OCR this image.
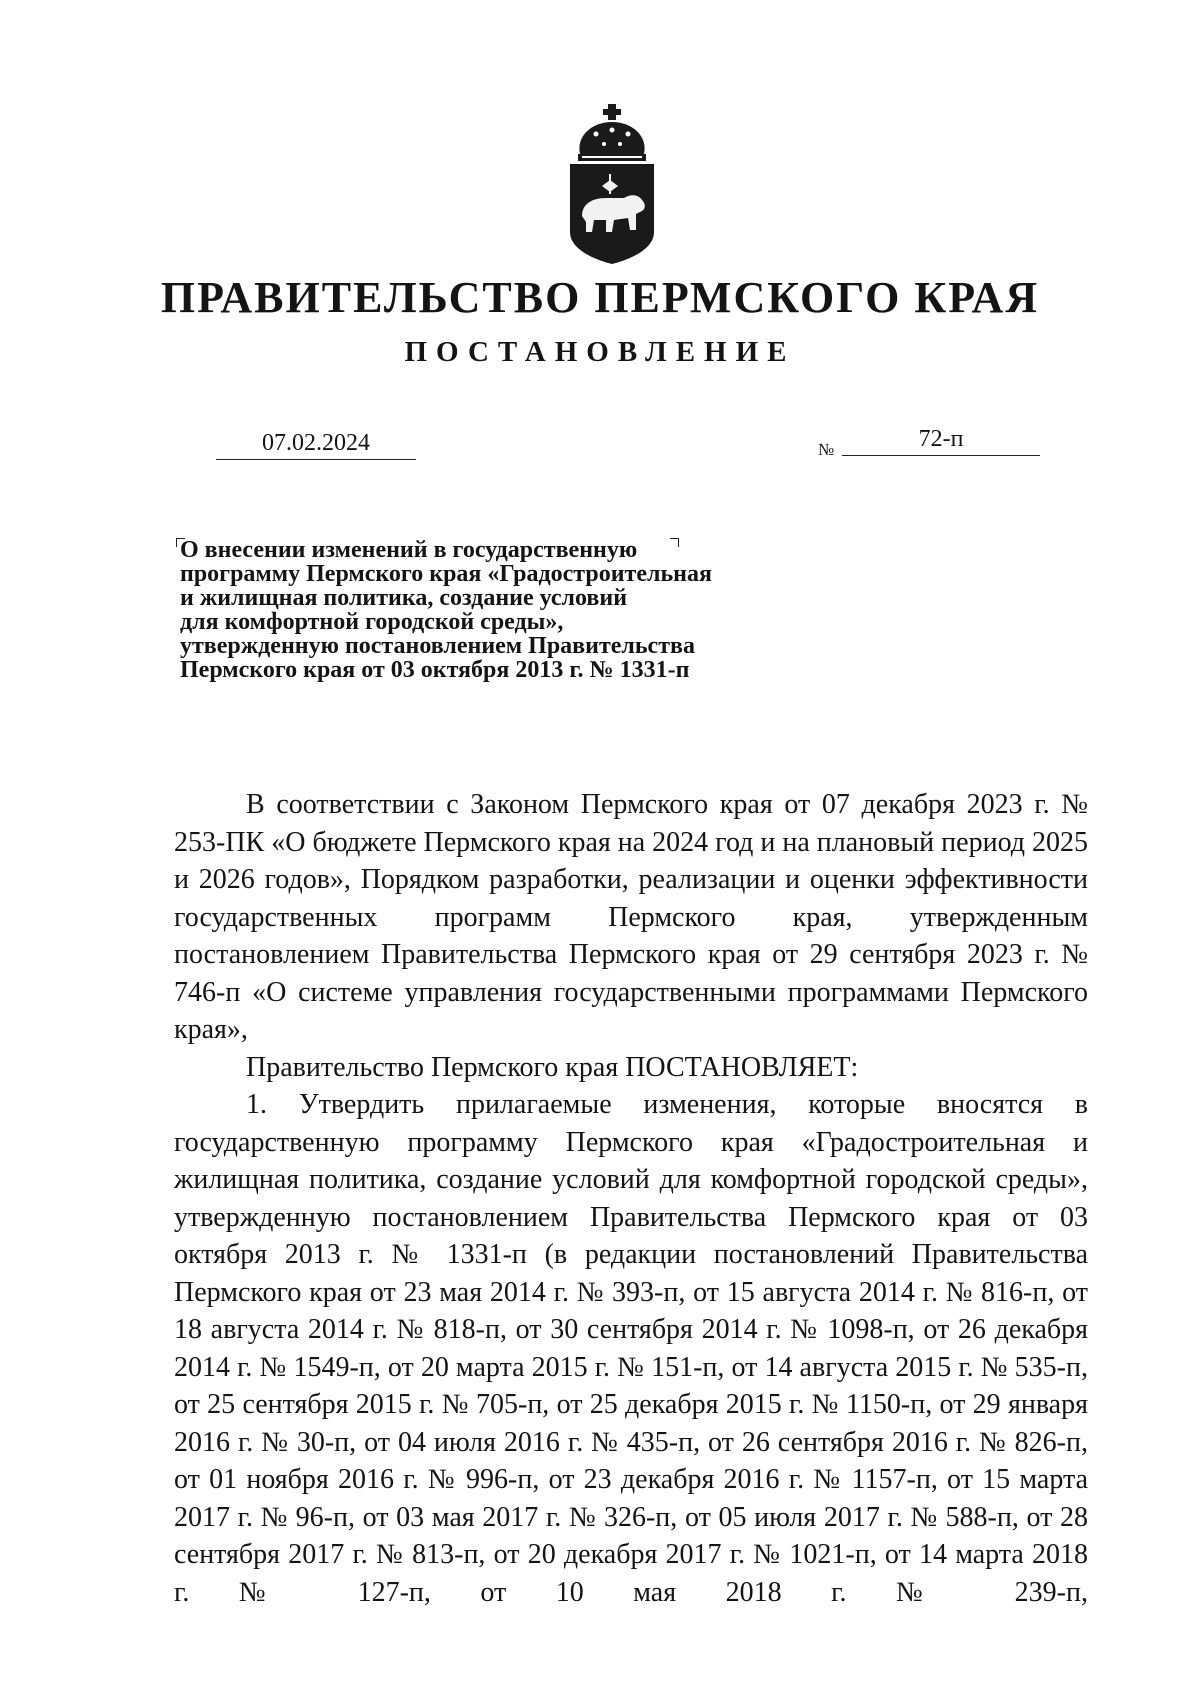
ПРАВИТЕЛЬСТВО ПЕРМСКОГО КРАЯ
ПОСТАНОВЛЕНИЕ
07.02.2024	№	72-п
О внесении изменений в государственную
программу Пермского края «Градостроительная
и жилищная политика, создание условий
для комфортной городской среды»,
утвержденную постановлением Правительства
Пермского края от 03 октября 2013 г. № 1331-п

В соответствии с Законом Пермского края от 07 декабря 2023 г. № 253-ПК «О бюджете Пермского края на 2024 год и на плановый период 2025 и 2026 годов», Порядком разработки, реализации и оценки эффективности государственных программ Пермского края, утвержденным постановлением Правительства Пермского края от 29 сентября 2023 г. № 746-п «О системе управления государственными программами Пермского края»,

Правительство Пермского края ПОСТАНОВЛЯЕТ:

1. Утвердить прилагаемые изменения, которые вносятся в государственную программу Пермского края «Градостроительная и жилищная политика, создание условий для комфортной городской среды», утвержденную постановлением Правительства Пермского края от 03 октября 2013 г. № 1331-п (в редакции постановлений Правительства Пермского края от 23 мая 2014 г. № 393-п, от 15 августа 2014 г. № 816-п, от 18 августа 2014 г. № 818-п, от 30 сентября 2014 г. № 1098-п, от 26 декабря 2014 г. № 1549-п, от 20 марта 2015 г. № 151-п, от 14 августа 2015 г. № 535-п, от 25 сентября 2015 г. № 705-п, от 25 декабря 2015 г. № 1150-п, от 29 января 2016 г. № 30-п, от 04 июля 2016 г. № 435-п, от 26 сентября 2016 г. № 826-п, от 01 ноября 2016 г. № 996-п, от 23 декабря 2016 г. № 1157-п, от 15 марта 2017 г. № 96-п, от 03 мая 2017 г. № 326-п, от 05 июля 2017 г. № 588-п, от 28 сентября 2017 г. № 813-п, от 20 декабря 2017 г. № 1021-п, от 14 марта 2018 г. № 127-п, от 10 мая 2018 г. № 239-п,
